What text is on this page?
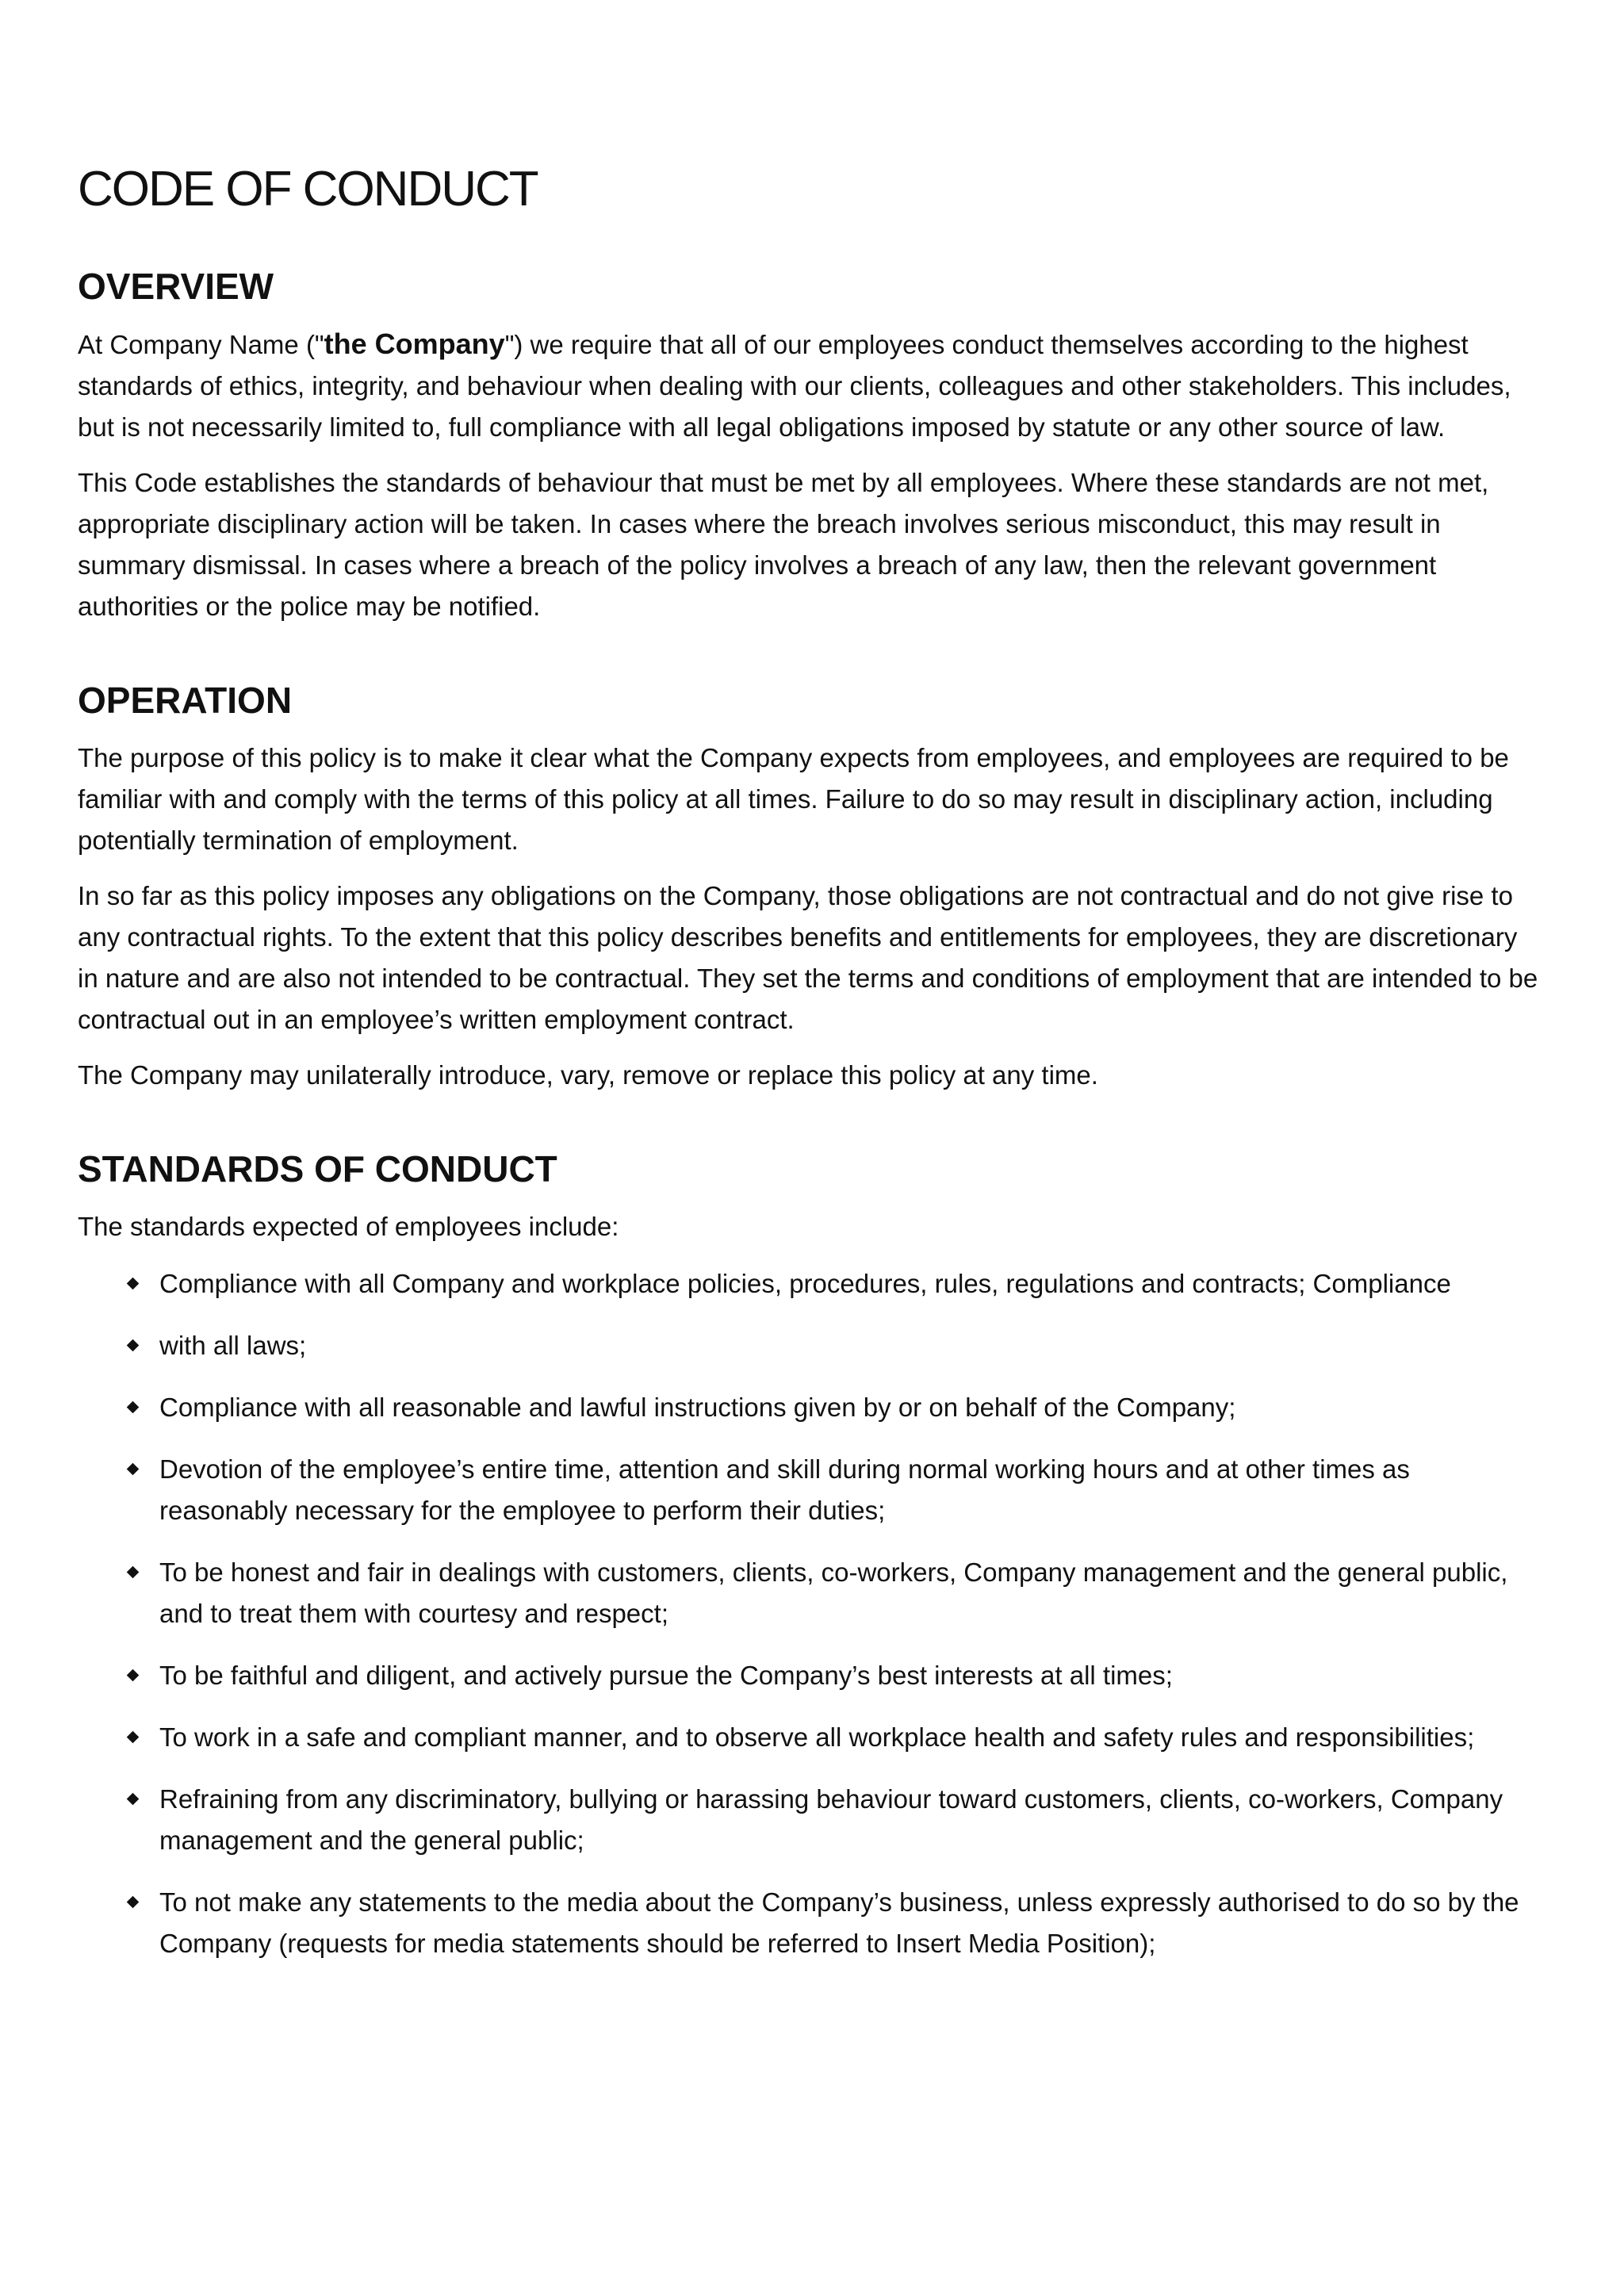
CODE OF CONDUCT
OVERVIEW

At Company Name ("the Company") we require that all of our employees conduct themselves according to the highest standards of ethics, integrity, and behaviour when dealing with our clients, colleagues and other stakeholders. This includes, but is not necessarily limited to, full compliance with all legal obligations imposed by statute or any other source of law.

This Code establishes the standards of behaviour that must be met by all employees. Where these standards are not met, appropriate disciplinary action will be taken. In cases where the breach involves serious misconduct, this may result in summary dismissal. In cases where a breach of the policy involves a breach of any law, then the relevant government authorities or the police may be notified.

OPERATION

The purpose of this policy is to make it clear what the Company expects from employees, and employees are required to be familiar with and comply with the terms of this policy at all times. Failure to do so may result in disciplinary action, including potentially termination of employment.

In so far as this policy imposes any obligations on the Company, those obligations are not contractual and do not give rise to any contractual rights. To the extent that this policy describes benefits and entitlements for employees, they are discretionary in nature and are also not intended to be contractual. They set the terms and conditions of employment that are intended to be contractual out in an employee’s written employment contract.

The Company may unilaterally introduce, vary, remove or replace this policy at any time.

STANDARDS OF CONDUCT

The standards expected of employees include:

Compliance with all Company and workplace policies, procedures, rules, regulations and contracts; Compliance
with all laws;
Compliance with all reasonable and lawful instructions given by or on behalf of the Company;
Devotion of the employee’s entire time, attention and skill during normal working hours and at other times as reasonably necessary for the employee to perform their duties;
To be honest and fair in dealings with customers, clients, co-workers, Company management and the general public, and to treat them with courtesy and respect;
To be faithful and diligent, and actively pursue the Company’s best interests at all times;
To work in a safe and compliant manner, and to observe all workplace health and safety rules and responsibilities;
Refraining from any discriminatory, bullying or harassing behaviour toward customers, clients, co-workers, Company management and the general public;
To not make any statements to the media about the Company’s business, unless expressly authorised to do so by the Company (requests for media statements should be referred to Insert Media Position);
